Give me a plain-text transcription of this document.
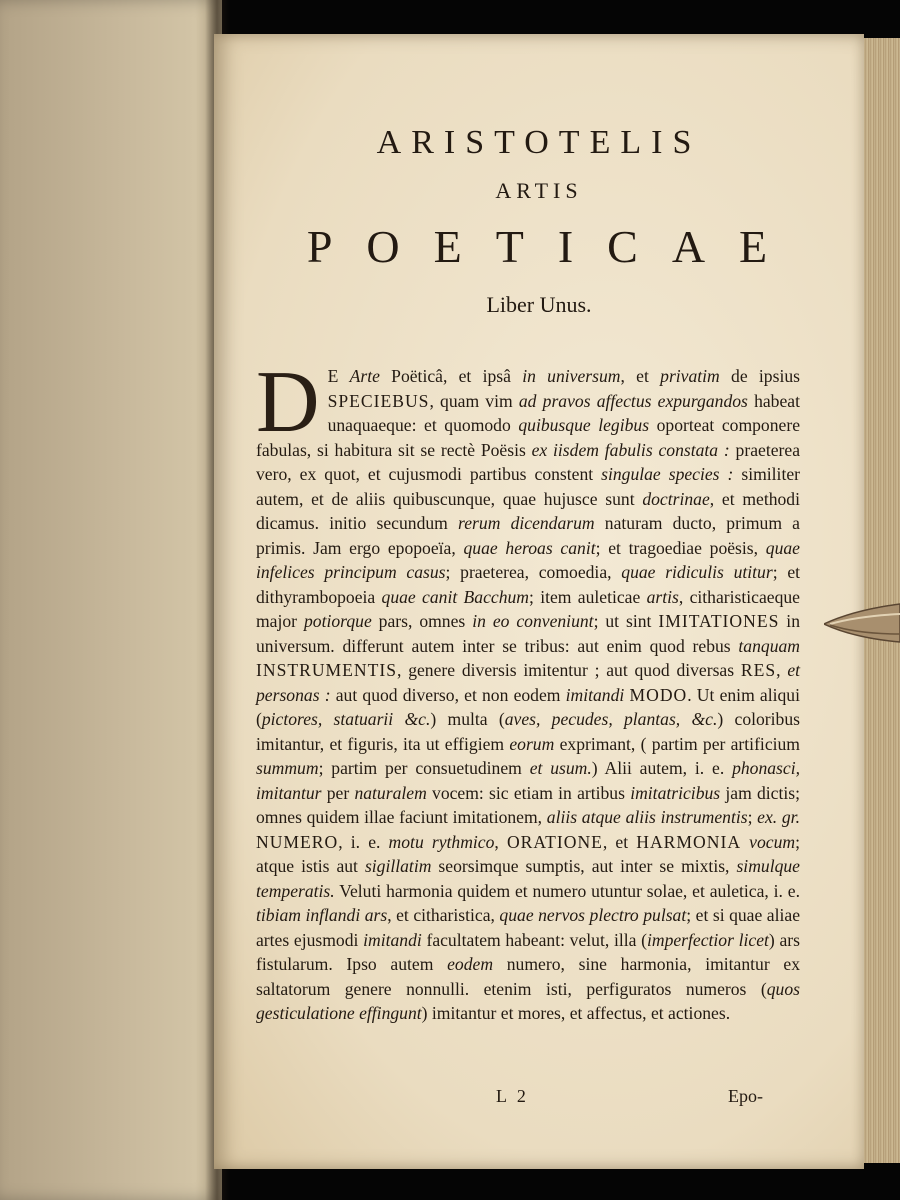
ARISTOTELIS
ARTIS
POETICAE
Liber Unus.

D E Arte Poëticâ, et ipsâ in universum, et privatim de ipsius SPECIEBUS, quam vim ad pravos affectus expurgandos habeat unaquaeque: et quomodo quibusque legibus oporteat componere fabulas, si habitura sit se rectè Poësis ex iisdem fabulis constata : praeterea vero, ex quot, et cujusmodi partibus constent singulae species : similiter autem, et de aliis quibuscunque, quae hujusce sunt doctrinae, et methodi dicamus. initio secundum rerum dicendarum naturam ducto, primum a primis. Jam ergo epopoeïa, quae heroas canit; et tragoediae poësis, quae infelices principum casus; praeterea, comoedia, quae ridiculis utitur; et dithyrambopoeia quae canit Bacchum; item auleticae artis, citharisticaeque major potiorque pars, omnes in eo conveniunt; ut sint IMITATIONES in universum. differunt autem inter se tribus: aut enim quod rebus tanquam INSTRUMENTIS, genere diversis imitentur ; aut quod diversas RES, et personas : aut quod diverso, et non eodem imitandi MODO. Ut enim aliqui (pictores, statuarii &c.) multa (aves, pecudes, plantas, &c.) coloribus imitantur, et figuris, ita ut effigiem eorum exprimant, ( partim per artificium summum; partim per consuetudinem et usum.) Alii autem, i. e. phonasci, imitantur per naturalem vocem: sic etiam in artibus imitatricibus jam dictis; omnes quidem illae faciunt imitationem, aliis atque aliis instrumentis; ex. gr. NUMERO, i. e. motu rythmico, ORATIONE, et HARMONIA vocum; atque istis aut sigillatim seorsimque sumptis, aut inter se mixtis, simulque temperatis. Veluti harmonia quidem et numero utuntur solae, et auletica, i. e. tibiam inflandi ars, et citharistica, quae nervos plectro pulsat; et si quae aliae artes ejusmodi imitandi facultatem habeant: velut, illa (imperfectior licet) ars fistularum. Ipso autem eodem numero, sine harmonia, imitantur ex saltatorum genere nonnulli. etenim isti, perfiguratos numeros (quos gesticulatione effingunt) imitantur et mores, et affectus, et actiones.

L 2	Epo-
